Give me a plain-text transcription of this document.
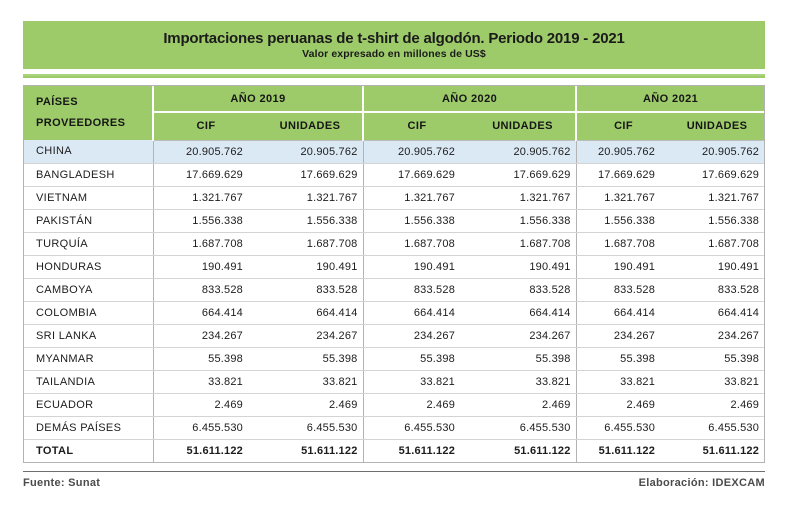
Importaciones peruanas de t-shirt de algodón. Periodo 2019 - 2021
Valor expresado en millones de US$
PAÍSES
PROVEEDORES	AÑO 2019		AÑO 2020		AÑO 2021	
	CIF	UNIDADES	CIF	UNIDADES	CIF	UNIDADES
CHINA	20.905.762	20.905.762	20.905.762	20.905.762	20.905.762	20.905.762
BANGLADESH	17.669.629	17.669.629	17.669.629	17.669.629	17.669.629	17.669.629
VIETNAM	1.321.767	1.321.767	1.321.767	1.321.767	1.321.767	1.321.767
PAKISTÁN	1.556.338	1.556.338	1.556.338	1.556.338	1.556.338	1.556.338
TURQUÍA	1.687.708	1.687.708	1.687.708	1.687.708	1.687.708	1.687.708
HONDURAS	190.491	190.491	190.491	190.491	190.491	190.491
CAMBOYA	833.528	833.528	833.528	833.528	833.528	833.528
COLOMBIA	664.414	664.414	664.414	664.414	664.414	664.414
SRI LANKA	234.267	234.267	234.267	234.267	234.267	234.267
MYANMAR	55.398	55.398	55.398	55.398	55.398	55.398
TAILANDIA	33.821	33.821	33.821	33.821	33.821	33.821
ECUADOR	2.469	2.469	2.469	2.469	2.469	2.469
DEMÁS PAÍSES	6.455.530	6.455.530	6.455.530	6.455.530	6.455.530	6.455.530
TOTAL	51.611.122	51.611.122	51.611.122	51.611.122	51.611.122	51.611.122
Fuente: Sunat	Elaboración: IDEXCAM
